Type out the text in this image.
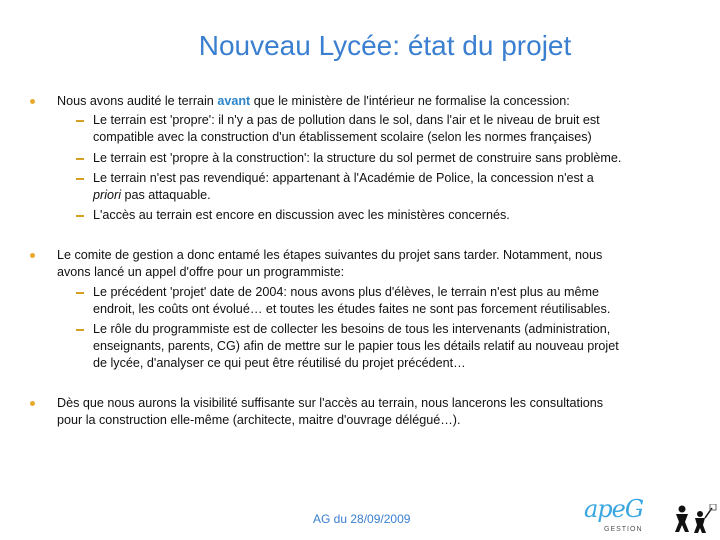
Nouveau Lycée: état du projet
Nous avons audité le terrain avant que le ministère de l'intérieur ne formalise la concession:
Le terrain est 'propre': il n'y a pas de pollution dans le sol, dans l'air et le niveau de bruit est
compatible avec la construction d'un établissement scolaire (selon les normes françaises)
Le terrain est 'propre à la construction': la structure du sol permet de construire sans problème.
Le terrain n'est pas revendiqué: appartenant à l'Académie de Police, la concession n'est a
priori pas attaquable.
L'accès au terrain est encore en discussion avec les ministères concernés.
Le comite de gestion a donc entamé les étapes suivantes du projet sans tarder. Notamment, nous
avons lancé un appel d'offre pour un programmiste:
Le précédent 'projet' date de 2004: nous avons plus d'élèves, le terrain n'est plus au même
endroit, les coûts ont évolué… et toutes les études faites ne sont pas forcement réutilisables.
Le rôle du programmiste est de collecter les besoins de tous les intervenants (administration,
enseignants, parents, CG) afin de mettre sur le papier tous les détails relatif au nouveau projet
de lycée, d'analyser ce qui peut être réutilisé du projet précédent…
Dès que nous aurons la visibilité suffisante sur l'accès au terrain, nous lancerons les consultations
pour la construction elle-même (architecte, maitre d'ouvrage délégué…).
AG du 28/09/2009	apeG
GESTION
